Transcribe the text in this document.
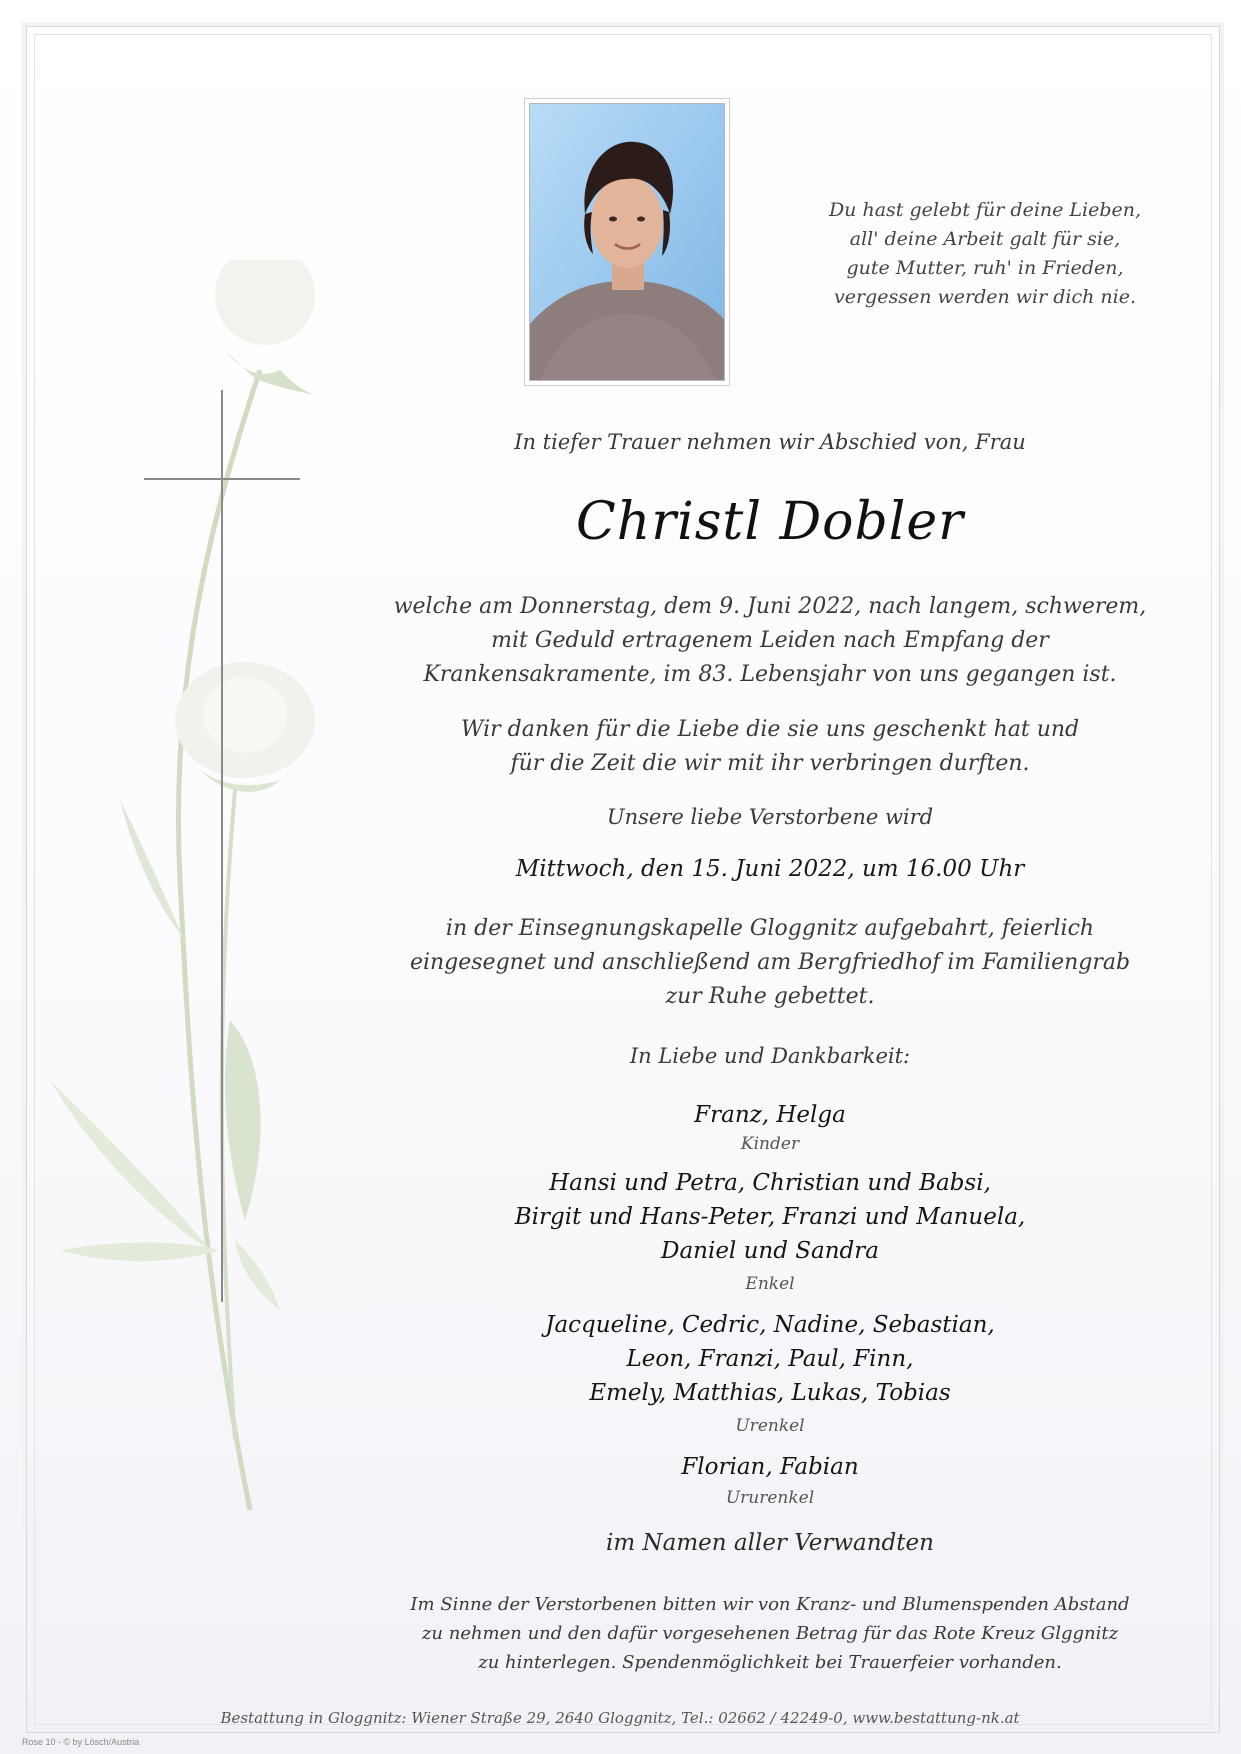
Du hast gelebt für deine Lieben,
all' deine Arbeit galt für sie,
gute Mutter, ruh' in Frieden,
vergessen werden wir dich nie.
In tiefer Trauer nehmen wir Abschied von, Frau
Christl Dobler
welche am Donnerstag, dem 9. Juni 2022, nach langem, schwerem,
mit Geduld ertragenem Leiden nach Empfang der
Krankensakramente, im 83. Lebensjahr von uns gegangen ist.
Wir danken für die Liebe die sie uns geschenkt hat und
für die Zeit die wir mit ihr verbringen durften.
Unsere liebe Verstorbene wird
Mittwoch, den 15. Juni 2022, um 16.00 Uhr
in der Einsegnungskapelle Gloggnitz aufgebahrt, feierlich
eingesegnet und anschließend am Bergfriedhof im Familiengrab
zur Ruhe gebettet.
In Liebe und Dankbarkeit:
Franz, Helga
Kinder
Hansi und Petra, Christian und Babsi,
Birgit und Hans-Peter, Franzi und Manuela,
Daniel und Sandra
Enkel
Jacqueline, Cedric, Nadine, Sebastian,
Leon, Franzi, Paul, Finn,
Emely, Matthias, Lukas, Tobias
Urenkel
Florian, Fabian
Ururenkel
im Namen aller Verwandten
Im Sinne der Verstorbenen bitten wir von Kranz- und Blumenspenden Abstand
zu nehmen und den dafür vorgesehenen Betrag für das Rote Kreuz Glggnitz
zu hinterlegen. Spendenmöglichkeit bei Trauerfeier vorhanden.
Bestattung in Gloggnitz: Wiener Straße 29, 2640 Gloggnitz, Tel.: 02662 / 42249-0, www.bestattung-nk.at
Rose 10 - © by Lösch/Austria
